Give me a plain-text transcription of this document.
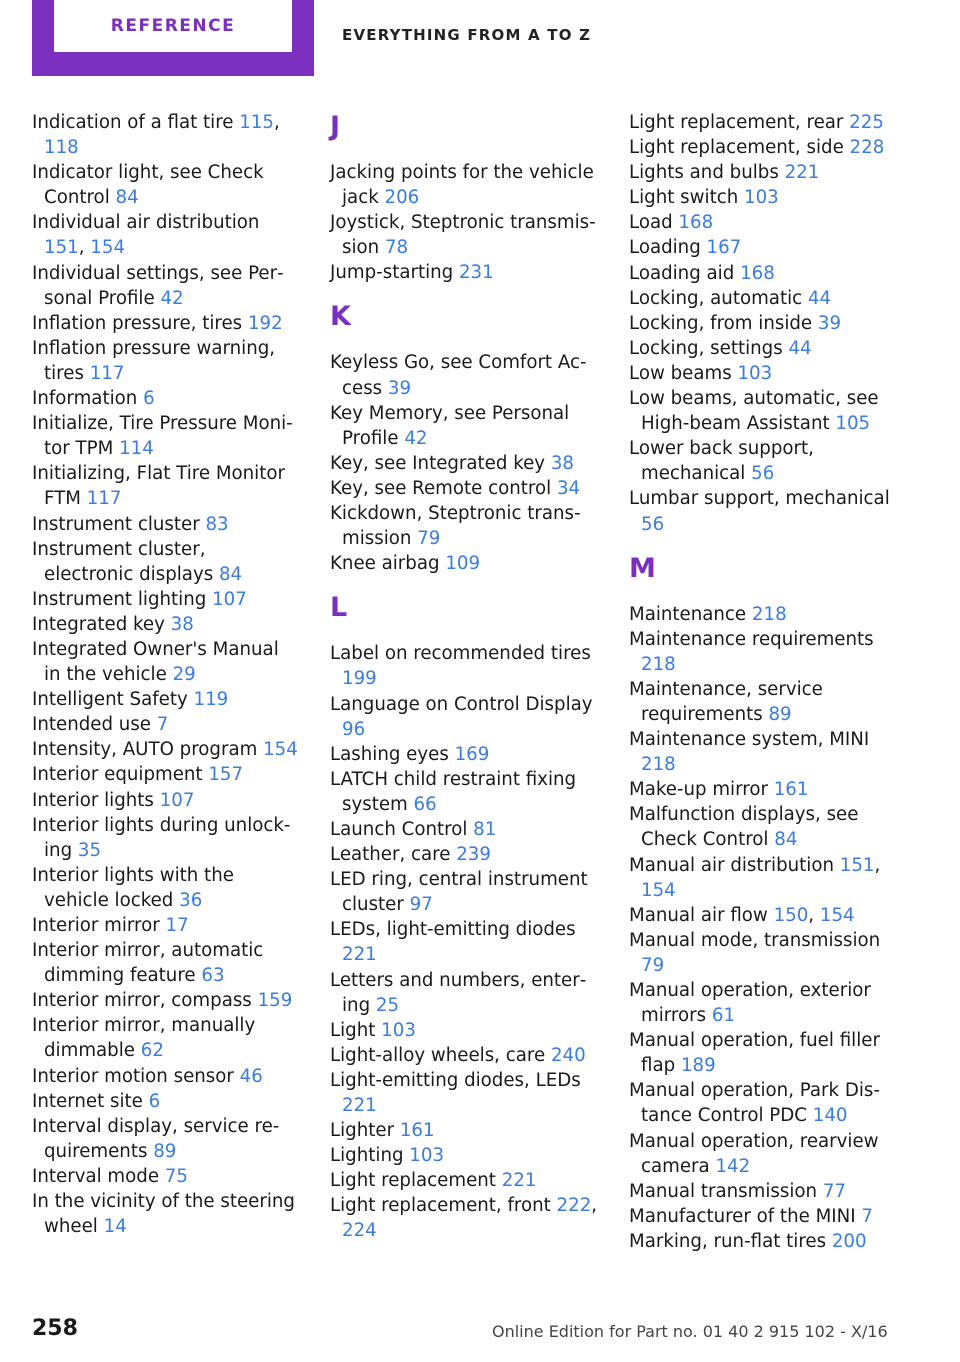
REFERENCE	EVERYTHING FROM A TO Z
Indication of a flat tire 115, 118
Indicator light, see Check Control 84
Individual air distribution 151, 154
Individual settings, see Personal Profile 42
Inflation pressure, tires 192
Inflation pressure warning, tires 117
Information 6
Initialize, Tire Pressure Monitor TPM 114
Initializing, Flat Tire Monitor FTM 117
Instrument cluster 83
Instrument cluster, electronic displays 84
Instrument lighting 107
Integrated key 38
Integrated Owner's Manual in the vehicle 29
Intelligent Safety 119
Intended use 7
Intensity, AUTO program 154
Interior equipment 157
Interior lights 107
Interior lights during unlocking 35
Interior lights with the vehicle locked 36
Interior mirror 17
Interior mirror, automatic dimming feature 63
Interior mirror, compass 159
Interior mirror, manually dimmable 62
Interior motion sensor 46
Internet site 6
Interval display, service requirements 89
Interval mode 75
In the vicinity of the steering wheel 14
J
Jacking points for the vehicle jack 206
Joystick, Steptronic transmission 78
Jump-starting 231
K
Keyless Go, see Comfort Access 39
Key Memory, see Personal Profile 42
Key, see Integrated key 38
Key, see Remote control 34
Kickdown, Steptronic transmission 79
Knee airbag 109
L
Label on recommended tires 199
Language on Control Display 96
Lashing eyes 169
LATCH child restraint fixing system 66
Launch Control 81
Leather, care 239
LED ring, central instrument cluster 97
LEDs, light-emitting diodes 221
Letters and numbers, entering 25
Light 103
Light-alloy wheels, care 240
Light-emitting diodes, LEDs 221
Lighter 161
Lighting 103
Light replacement 221
Light replacement, front 222, 224
Light replacement, rear 225
Light replacement, side 228
Lights and bulbs 221
Light switch 103
Load 168
Loading 167
Loading aid 168
Locking, automatic 44
Locking, from inside 39
Locking, settings 44
Low beams 103
Low beams, automatic, see High-beam Assistant 105
Lower back support, mechanical 56
Lumbar support, mechanical 56
M
Maintenance 218
Maintenance requirements 218
Maintenance, service requirements 89
Maintenance system, MINI 218
Make-up mirror 161
Malfunction displays, see Check Control 84
Manual air distribution 151, 154
Manual air flow 150, 154
Manual mode, transmission 79
Manual operation, exterior mirrors 61
Manual operation, fuel filler flap 189
Manual operation, Park Distance Control PDC 140
Manual operation, rearview camera 142
Manual transmission 77
Manufacturer of the MINI 7
Marking, run-flat tires 200
258	Online Edition for Part no. 01 40 2 915 102 - X/16
